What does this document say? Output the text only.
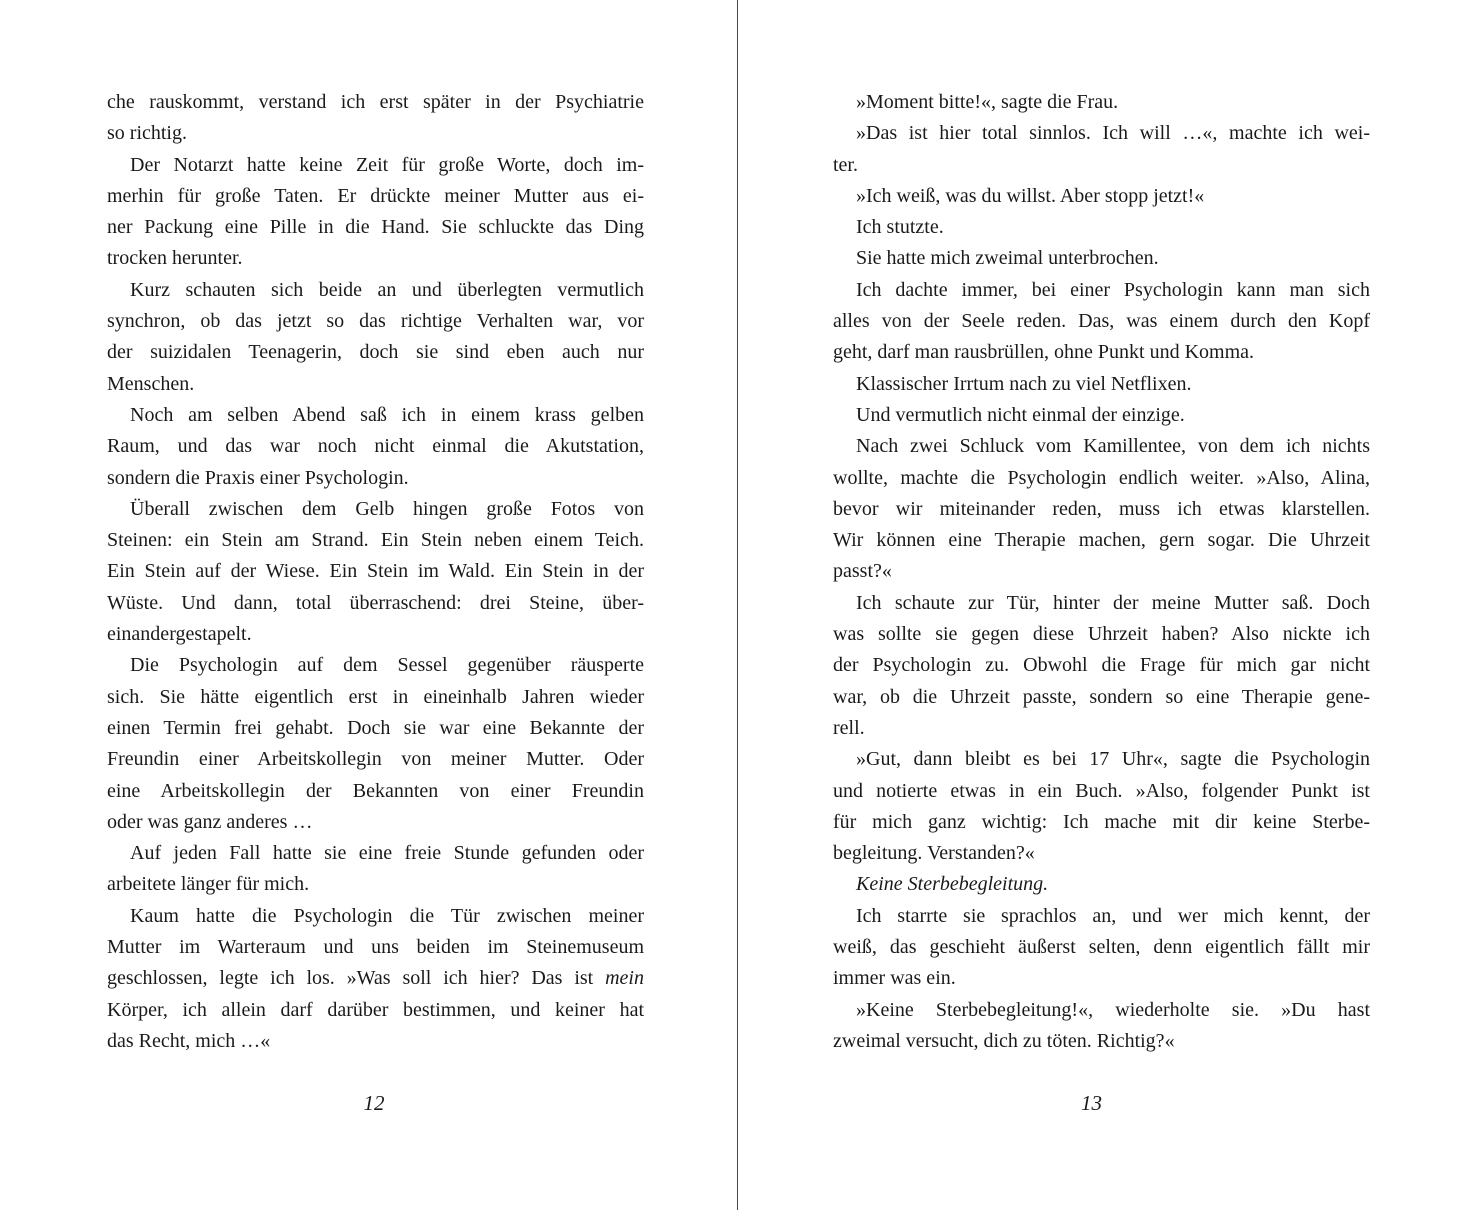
che rauskommt, verstand ich erst später in der Psychiatrie
so richtig.
Der Notarzt hatte keine Zeit für große Worte, doch im-
merhin für große Taten. Er drückte meiner Mutter aus ei-
ner Packung eine Pille in die Hand. Sie schluckte das Ding
trocken herunter.
Kurz schauten sich beide an und überlegten vermutlich
synchron, ob das jetzt so das richtige Verhalten war, vor
der suizidalen Teenagerin, doch sie sind eben auch nur
Menschen.
Noch am selben Abend saß ich in einem krass gelben
Raum, und das war noch nicht einmal die Akutstation,
sondern die Praxis einer Psychologin.
Überall zwischen dem Gelb hingen große Fotos von
Steinen: ein Stein am Strand. Ein Stein neben einem Teich.
Ein Stein auf der Wiese. Ein Stein im Wald. Ein Stein in der
Wüste. Und dann, total überraschend: drei Steine, über-
einandergestapelt.
Die Psychologin auf dem Sessel gegenüber räusperte
sich. Sie hätte eigentlich erst in eineinhalb Jahren wieder
einen Termin frei gehabt. Doch sie war eine Bekannte der
Freundin einer Arbeitskollegin von meiner Mutter. Oder
eine Arbeitskollegin der Bekannten von einer Freundin
oder was ganz anderes …
Auf jeden Fall hatte sie eine freie Stunde gefunden oder
arbeitete länger für mich.
Kaum hatte die Psychologin die Tür zwischen meiner
Mutter im Warteraum und uns beiden im Steinemuseum
geschlossen, legte ich los. »Was soll ich hier? Das ist mein
Körper, ich allein darf darüber bestimmen, und keiner hat
das Recht, mich …«
12
»Moment bitte!«, sagte die Frau.
»Das ist hier total sinnlos. Ich will …«, machte ich wei-
ter.
»Ich weiß, was du willst. Aber stopp jetzt!«
Ich stutzte.
Sie hatte mich zweimal unterbrochen.
Ich dachte immer, bei einer Psychologin kann man sich
alles von der Seele reden. Das, was einem durch den Kopf
geht, darf man rausbrüllen, ohne Punkt und Komma.
Klassischer Irrtum nach zu viel Netflixen.
Und vermutlich nicht einmal der einzige.
Nach zwei Schluck vom Kamillentee, von dem ich nichts
wollte, machte die Psychologin endlich weiter. »Also, Alina,
bevor wir miteinander reden, muss ich etwas klarstellen.
Wir können eine Therapie machen, gern sogar. Die Uhrzeit
passt?«
Ich schaute zur Tür, hinter der meine Mutter saß. Doch
was sollte sie gegen diese Uhrzeit haben? Also nickte ich
der Psychologin zu. Obwohl die Frage für mich gar nicht
war, ob die Uhrzeit passte, sondern so eine Therapie gene-
rell.
»Gut, dann bleibt es bei 17 Uhr«, sagte die Psychologin
und notierte etwas in ein Buch. »Also, folgender Punkt ist
für mich ganz wichtig: Ich mache mit dir keine Sterbe-
begleitung. Verstanden?«
Keine Sterbebegleitung.
Ich starrte sie sprachlos an, und wer mich kennt, der
weiß, das geschieht äußerst selten, denn eigentlich fällt mir
immer was ein.
»Keine Sterbebegleitung!«, wiederholte sie. »Du hast
zweimal versucht, dich zu töten. Richtig?«
13
